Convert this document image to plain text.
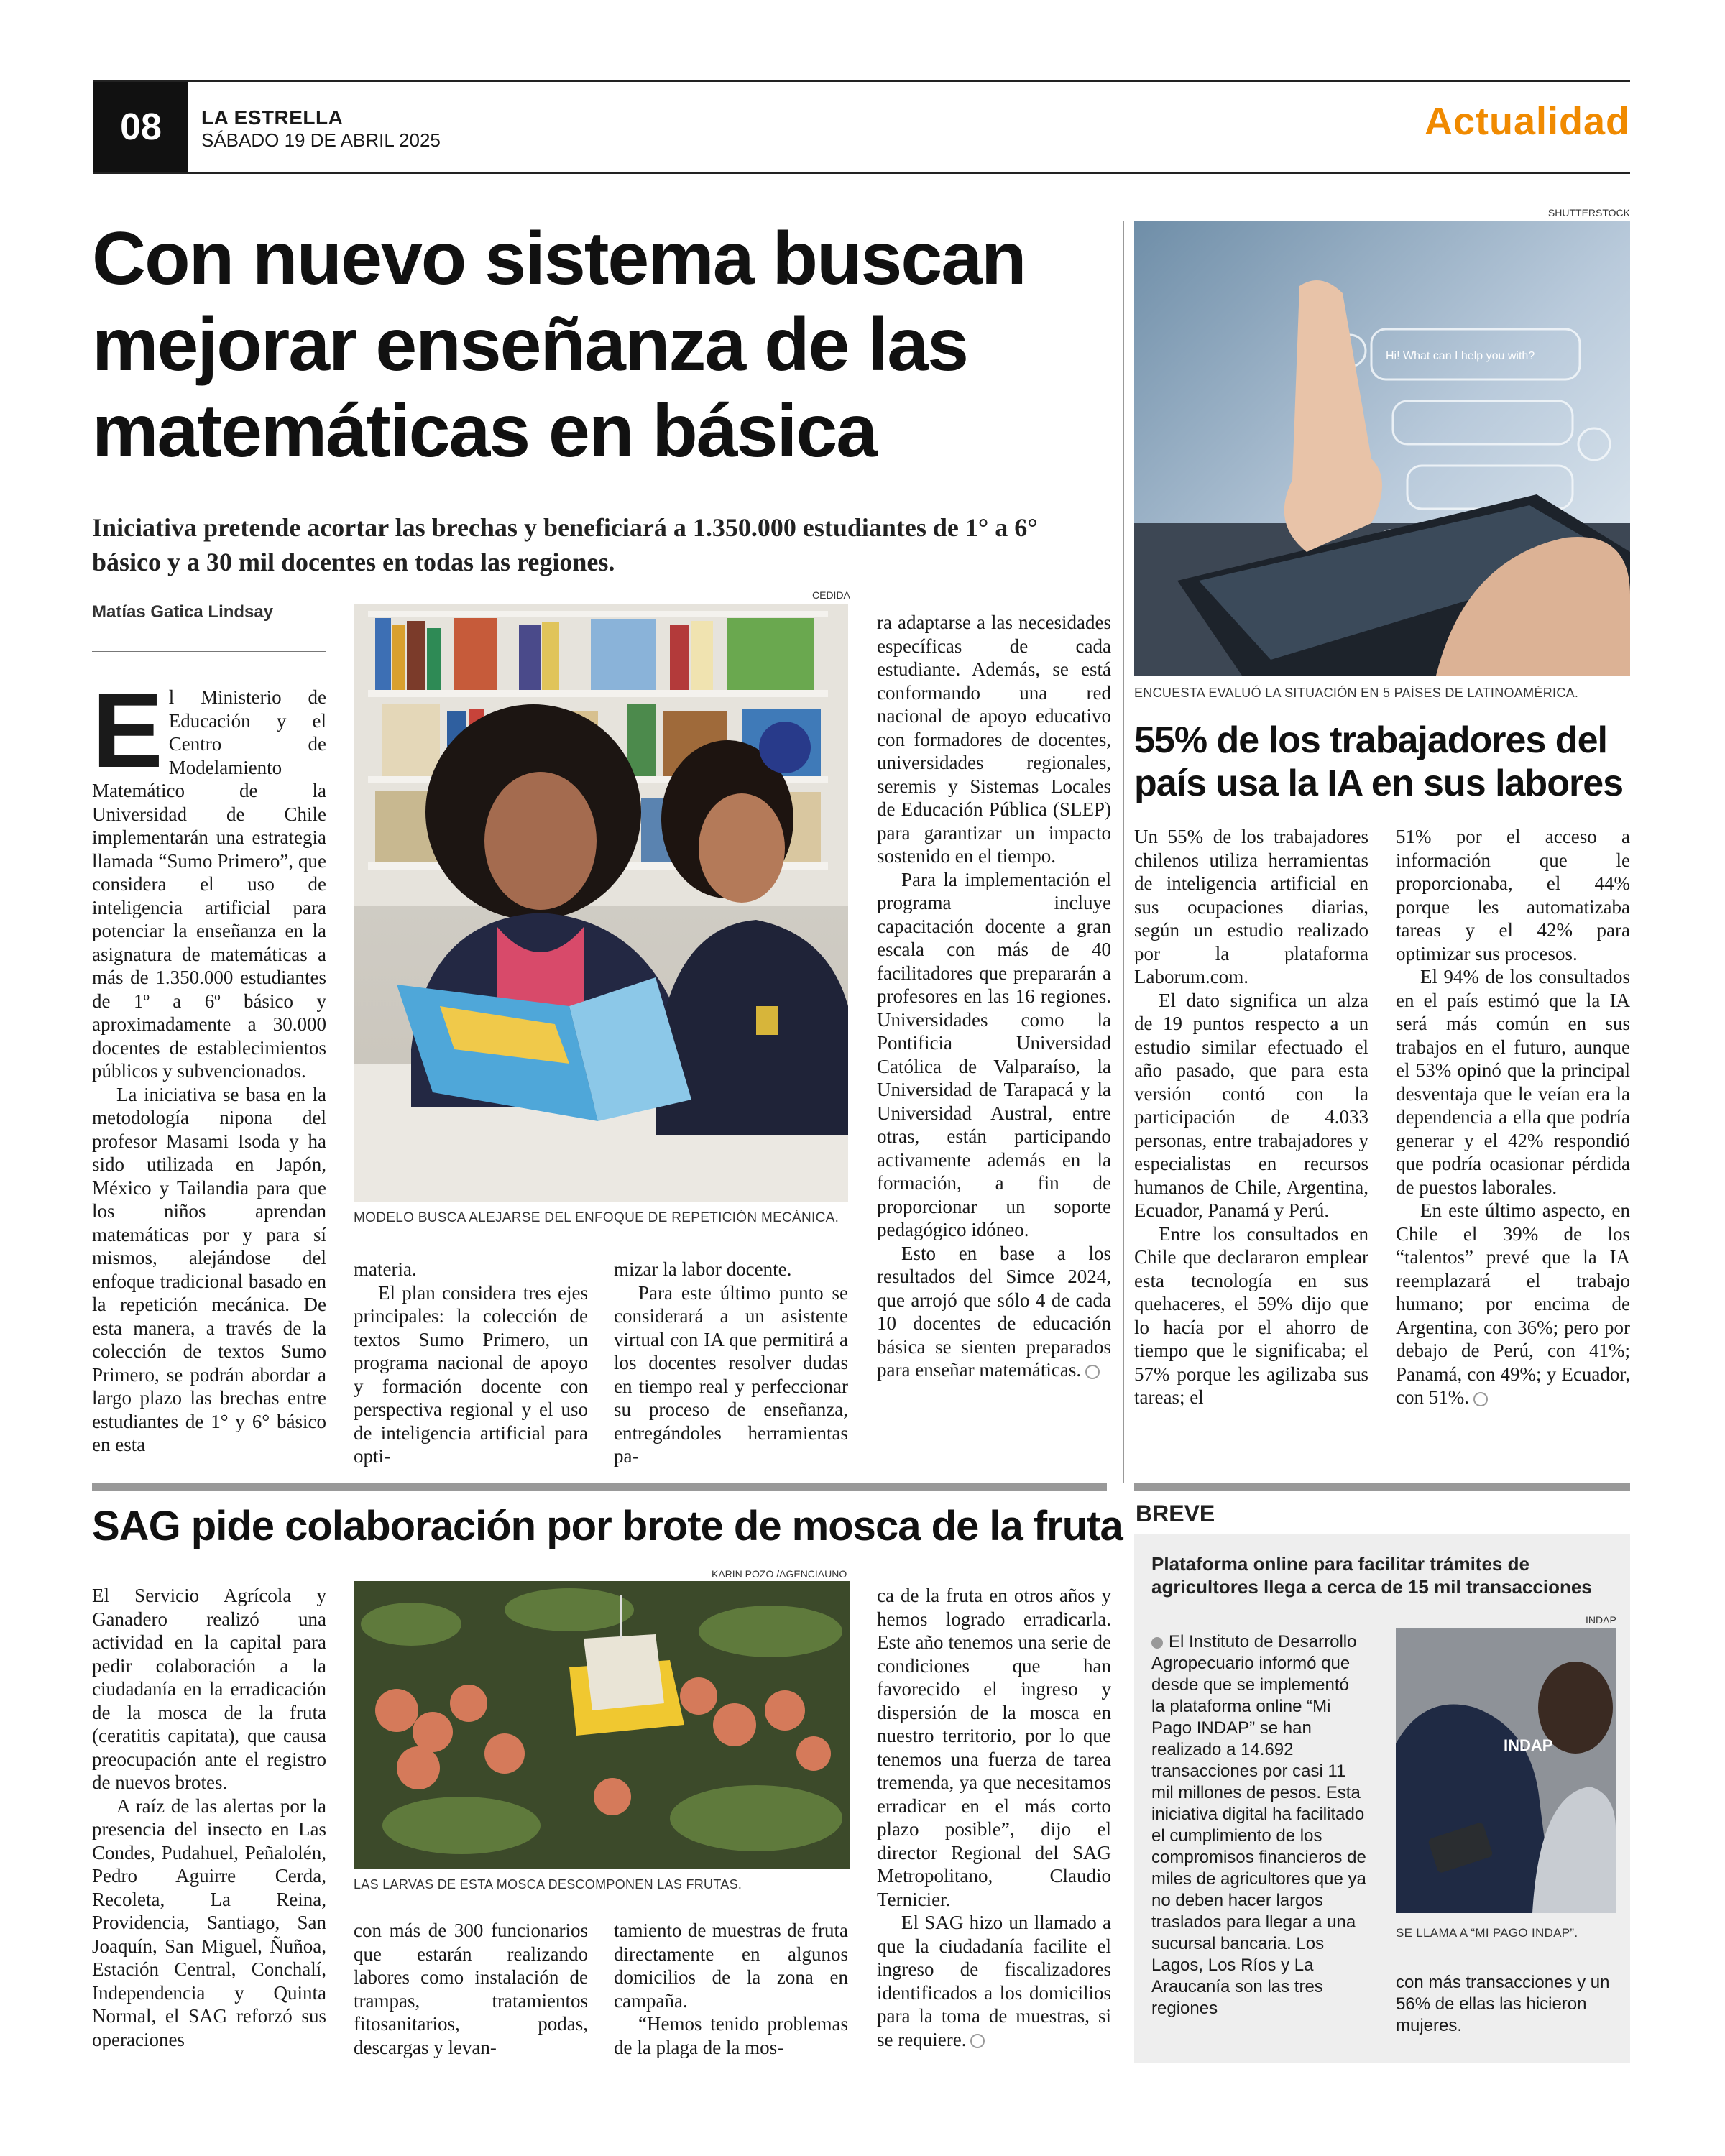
08 LA ESTRELLA
SÁBADO 19 DE ABRIL 2025	Actualidad
Con nuevo sistema buscan mejorar enseñanza de las matemáticas en básica
Iniciativa pretende acortar las brechas y beneficiará a 1.350.000 estudiantes de 1° a 6° básico y a 30 mil docentes en todas las regiones.
Matías Gatica Lindsay
CEDIDA
MODELO BUSCA ALEJARSE DEL ENFOQUE DE REPETICIÓN MECÁNICA.

El Ministerio de Educación y el Centro de Modelamiento Matemático de la Universidad de Chile implementarán una estrategia llamada “Sumo Primero”, que considera el uso de inteligencia artificial para potenciar la enseñanza en la asignatura de matemáticas a más de 1.350.000 estudiantes de 1º a 6º básico y aproximadamente a 30.000 docentes de establecimientos públicos y subvencionados.

La iniciativa se basa en la metodología nipona del profesor Masami Isoda y ha sido utilizada en Japón, México y Tailandia para que los niños aprendan matemáticas por y para sí mismos, alejándose del enfoque tradicional basado en la repetición mecánica. De esta manera, a través de la colección de textos Sumo Primero, se podrán abordar a largo plazo las brechas entre estudiantes de 1° y 6° básico en esta

materia.

El plan considera tres ejes principales: la colección de textos Sumo Primero, un programa nacional de apoyo y formación docente con perspectiva regional y el uso de inteligencia artificial para opti-

mizar la labor docente.

Para este último punto se considerará a un asistente virtual con IA que permitirá a los docentes resolver dudas en tiempo real y perfeccionar su proceso de enseñanza, entregándoles herramientas pa-

ra adaptarse a las necesidades específicas de cada estudiante. Además, se está conformando una red nacional de apoyo educativo con formadores de docentes, universidades regionales, seremis y Sistemas Locales de Educación Pública (SLEP) para garantizar un impacto sostenido en el tiempo.

Para la implementación el programa incluye capacitación docente a gran escala con más de 40 facilitadores que prepararán a profesores en las 16 regiones. Universidades como la Pontificia Universidad Católica de Valparaíso, la Universidad de Tarapacá y la Universidad Austral, entre otras, están participando activamente además en la formación, a fin de proporcionar un soporte pedagógico idóneo.

Esto en base a los resultados del Simce 2024, que arrojó que sólo 4 de cada 10 docentes de educación básica se sienten preparados para enseñar matemáticas.

SHUTTERSTOCK
Hi! What can I help you with?
ENCUESTA EVALUÓ LA SITUACIÓN EN 5 PAÍSES DE LATINOAMÉRICA.
55% de los trabajadores del país usa la IA en sus labores

Un 55% de los trabajadores chilenos utiliza herramientas de inteligencia artificial en sus ocupaciones diarias, según un estudio realizado por la plataforma Laborum.com.

El dato significa un alza de 19 puntos respecto a un estudio similar efectuado el año pasado, que para esta versión contó con la participación de 4.033 personas, entre trabajadores y especialistas en recursos humanos de Chile, Argentina, Ecuador, Panamá y Perú.

Entre los consultados en Chile que declararon emplear esta tecnología en sus quehaceres, el 59% dijo que lo hacía por el ahorro de tiempo que le significaba; el 57% porque les agilizaba sus tareas; el

51% por el acceso a información que le proporcionaba, el 44% porque les automatizaba tareas y el 42% para optimizar sus procesos.

El 94% de los consultados en el país estimó que la IA será más común en sus trabajos en el futuro, aunque el 53% opinó que la principal desventaja que le veían era la dependencia a ella que podría generar y el 42% respondió que podría ocasionar pérdida de puestos laborales.

En este último aspecto, en Chile el 39% de los “talentos” prevé que la IA reemplazará el trabajo humano; por encima de Argentina, con 36%; pero por debajo de Perú, con 41%; Panamá, con 49%; y Ecuador, con 51%.

SAG pide colaboración por brote de mosca de la fruta
KARIN POZO /AGENCIAUNO
LAS LARVAS DE ESTA MOSCA DESCOMPONEN LAS FRUTAS.

El Servicio Agrícola y Ganadero realizó una actividad en la capital para pedir colaboración a la ciudadanía en la erradicación de la mosca de la fruta (ceratitis capitata), que causa preocupación ante el registro de nuevos brotes.

A raíz de las alertas por la presencia del insecto en Las Condes, Pudahuel, Peñalolén, Pedro Aguirre Cerda, Recoleta, La Reina, Providencia, Santiago, San Joaquín, San Miguel, Ñuñoa, Estación Central, Conchalí, Independencia y Quinta Normal, el SAG reforzó sus operaciones

con más de 300 funcionarios que estarán realizando labores como instalación de trampas, tratamientos fitosanitarios, podas, descargas y levan-

tamiento de muestras de fruta directamente en algunos domicilios de la zona en campaña.

“Hemos tenido problemas de la plaga de la mos-

ca de la fruta en otros años y hemos logrado erradicarla. Este año tenemos una serie de condiciones que han favorecido el ingreso y dispersión de la mosca en nuestro territorio, por lo que tenemos una fuerza de tarea tremenda, ya que necesitamos erradicar en el más corto plazo posible”, dijo el director Regional del SAG Metropolitano, Claudio Ternicier.

El SAG hizo un llamado a que la ciudadanía facilite el ingreso de fiscalizadores identificados a los domicilios para la toma de muestras, si se requiere.

BREVE
Plataforma online para facilitar trámites de agricultores llega a cerca de 15 mil transacciones

El Instituto de Desarrollo Agropecuario informó que desde que se implementó la plataforma online “Mi Pago INDAP” se han realizado a 14.692 transacciones por casi 11 mil millones de pesos. Esta iniciativa digital ha facilitado el cumplimiento de los compromisos financieros de miles de agricultores que ya no deben hacer largos traslados para llegar a una sucursal bancaria. Los Lagos, Los Ríos y La Araucanía son las tres regiones

INDAP
INDAP
SE LLAMA A “MI PAGO INDAP”.

con más transacciones y un 56% de ellas las hicieron mujeres.
